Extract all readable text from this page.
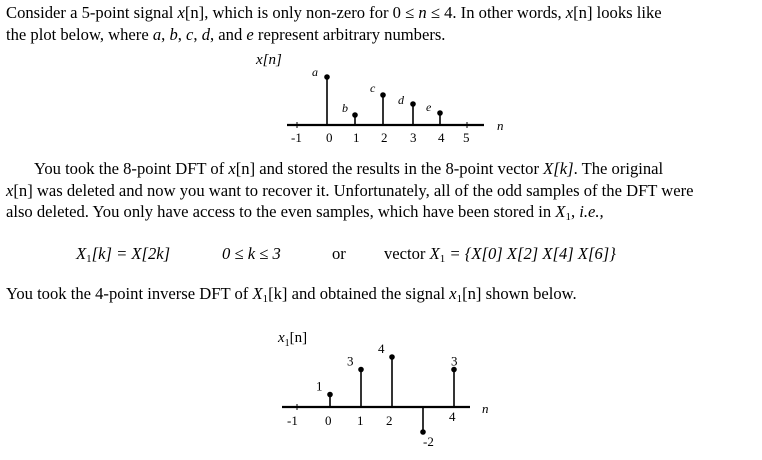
Consider a 5-point signal x[n], which is only non-zero for 0 ≤ n ≤ 4. In other words, x[n] looks like
the plot below, where a, b, c, d, and e represent arbitrary numbers.

x[n]
n
-1 0 1 2 3 4 5
a
b
c
d e

You took the 8-point DFT of x[n] and stored the results in the 8-point vector X[k]. The original

x[n] was deleted and now you want to recover it. Unfortunately, all of the odd samples of the DFT were
also deleted. You only have access to the even samples, which have been stored in $X_1$, i.e.,

$X_1[k] = X[2k]$	0 ≤ k ≤ 3	or vector $X_1 = \{X[0]$ X[2] X[4] X[6]}

You took the 4-point inverse DFT of $X_1[k]$ and obtained the signal $x_1[n]$ shown below.

$x_1[n]$
n
-1 0 1 2	4
1
3
4
-2
3
